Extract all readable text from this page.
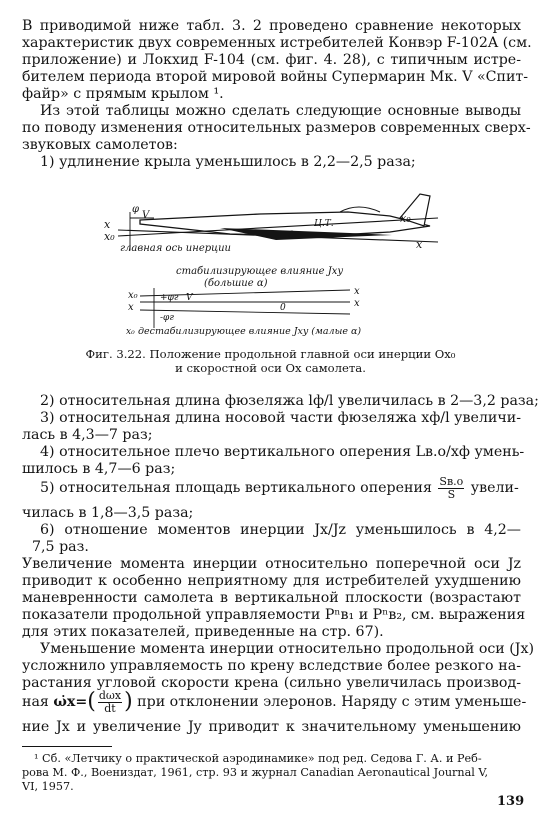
В приводимой ниже табл. 3. 2 проведено сравнение некоторых
характеристик двух современных истребителей Конвэр F-102A (см.
приложение) и Локхид F-104 (см. фиг. 4. 28), с типичным истре-
бителем периода второй мировой войны Супермарин Мк. V «Спит-
файр» с прямым крылом ¹.
Из этой таблицы можно сделать следующие основные выводы
по поводу изменения относительных размеров современных сверх-
звуковых самолетов:
1) удлинение крыла уменьшилось в 2,2—2,5 раза;
x₀
x
Ц.Т.
0
φ
V
x
x₀
главная ось инерции
стабилизирующее влияние Jxy
(большие α)
x₀
x
+φг V
0
-φг
x
x
x₀ дестабилизирующее влияние Jxy (малые α)
Фиг. 3.22. Положение продольной главной оси инерции Ox₀
и скоростной оси Ox самолета.
2) относительная длина фюзеляжа lф/l увеличилась в 2—3,2 раза;
3) относительная длина носовой части фюзеляжа xф/l увеличи-
лась в 4,3—7 раз;
4) относительное плечо вертикального оперения Lв.о/xф умень-
шилось в 4,7—6 раз;
5) относительная площадь вертикального оперения $\frac{Sв.о}{S}$ увели-
чилась в 1,8—3,5 раза;
6) отношение моментов инерции Jx/Jz уменьшилось в 4,2—
7,5 раз.
Увеличение момента инерции относительно поперечной оси Jz
приводит к особенно неприятному для истребителей ухудшению
маневренности самолета в вертикальной плоскости (возрастают
показатели продольной управляемости Pⁿв₁ и Pⁿв₂, см. выражения
для этих показателей, приведенные на стр. 67).
Уменьшение момента инерции относительно продольной оси (Jx)
усложнило управляемость по крену вследствие более резкого на-
растания угловой скорости крена (сильно увеличилась производ-
ная ω̇x=( $\frac{\text{dωx}}{dt}$ ) при отклонении элеронов. Наряду с этим уменьше-
ние Jx и увеличение Jy приводит к значительному уменьшению
¹ Сб. «Летчику о практической аэродинамике» под ред. Седова Г. А. и Реб-
рова М. Ф., Воениздат, 1961, стр. 93 и журнал Canadian Aeronautical Journal V,
VI, 1957.
139
